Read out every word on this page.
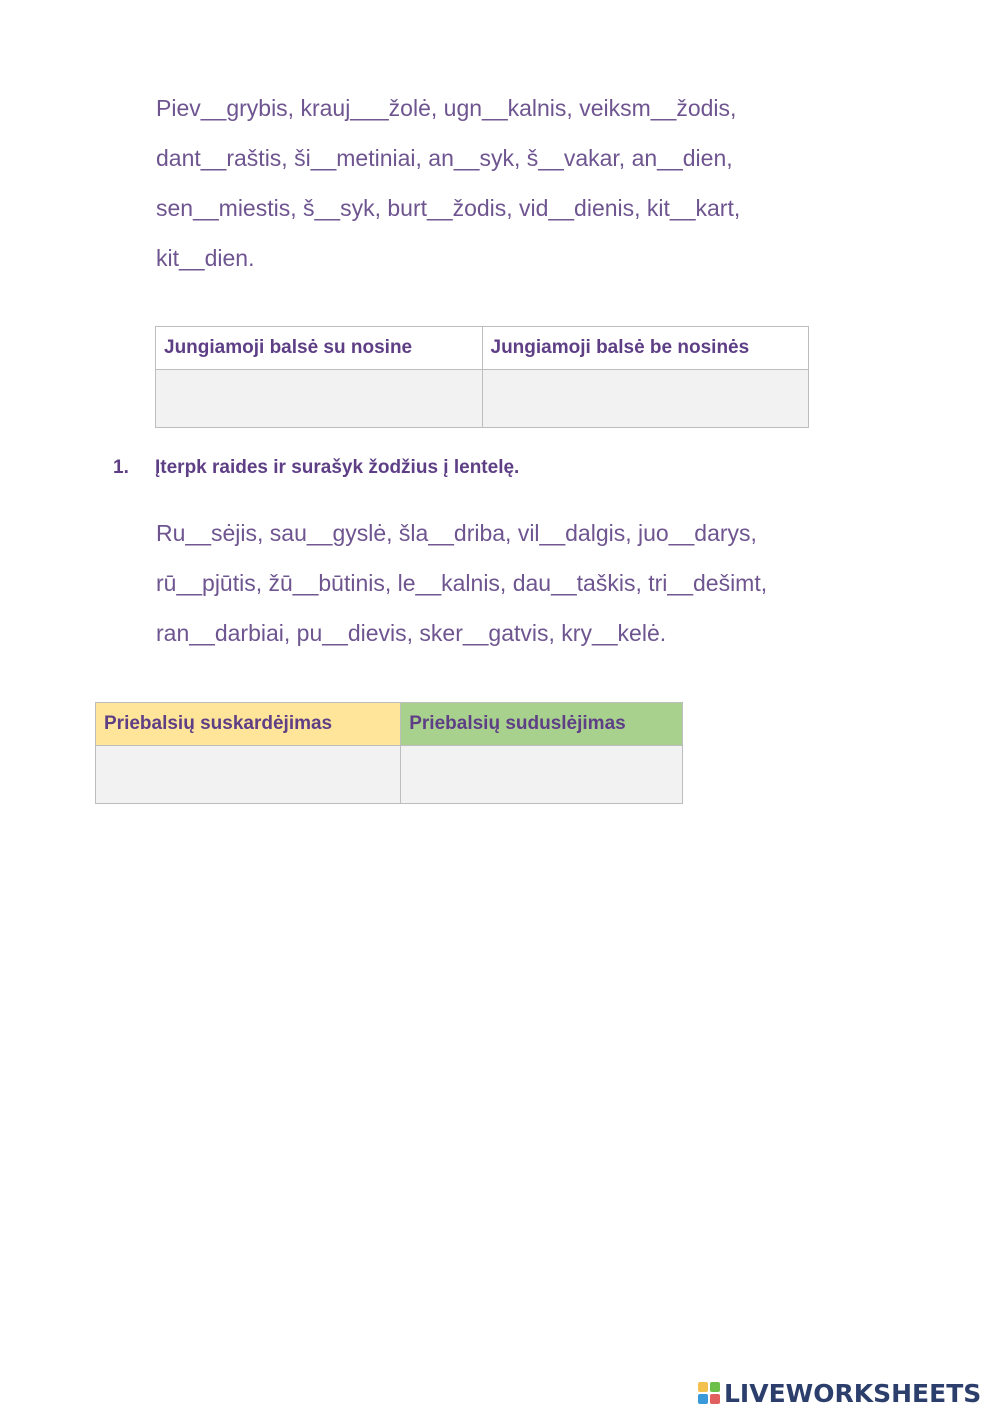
Piev__grybis, krauj___žolė, ugn__kalnis, veiksm__žodis,
dant__raštis, ši__metiniai, an__syk, š__vakar, an__dien,
sen__miestis, š__syk, burt__žodis, vid__dienis, kit__kart,
kit__dien.
Jungiamoji balsė su nosine	Jungiamoji balsė be nosinės

1. Įterpk raides ir surašyk žodžius į lentelę.
Ru__sėjis, sau__gyslė, šla__driba, vil__dalgis, juo__darys,
rū__pjūtis, žū__būtinis, le__kalnis, dau__taškis, tri__dešimt,
ran__darbiai, pu__dievis, sker__gatvis, kry__kelė.
Priebalsių suskardėjimas	Priebalsių suduslėjimas

LIVEWORKSHEETS
